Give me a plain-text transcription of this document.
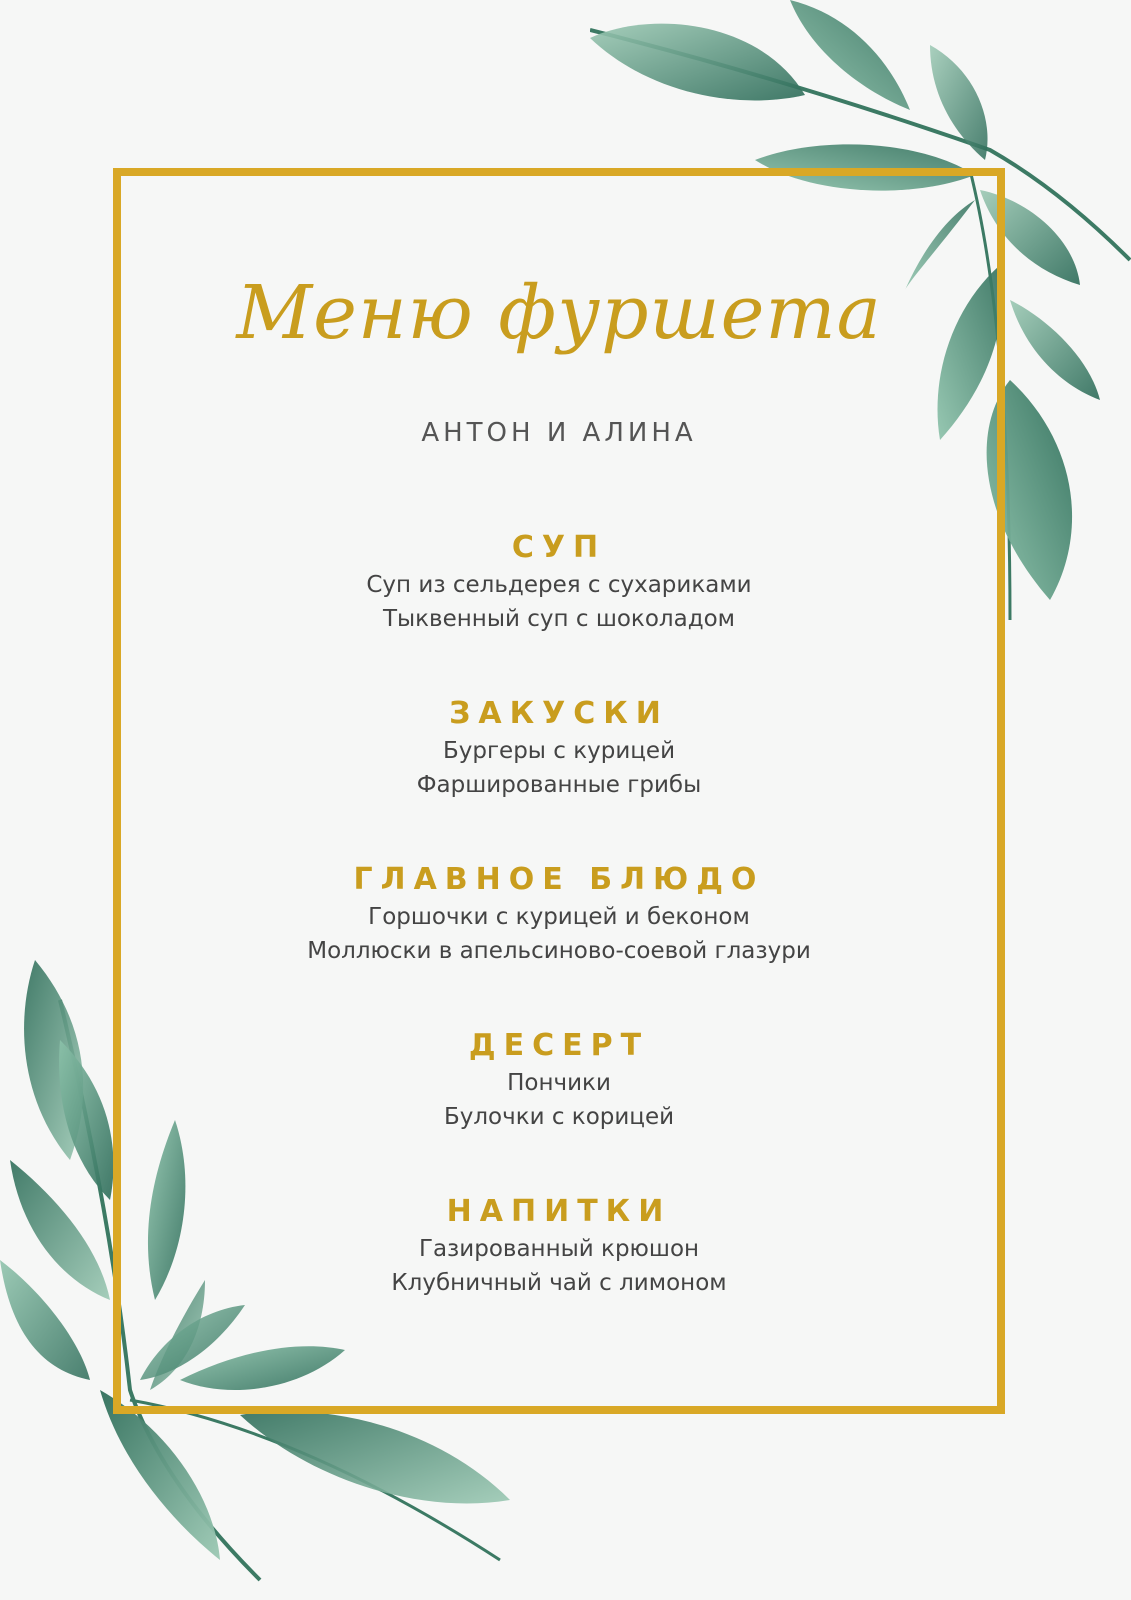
Меню фуршета
АНТОН И АЛИНА
СУП
Суп из сельдерея с сухариками
Тыквенный суп с шоколадом
ЗАКУСКИ
Бургеры с курицей
Фаршированные грибы
ГЛАВНОЕ БЛЮДО
Горшочки с курицей и беконом
Моллюски в апельсиново-соевой глазури
ДЕСЕРТ
Пончики
Булочки с корицей
НАПИТКИ
Газированный крюшон
Клубничный чай с лимоном
